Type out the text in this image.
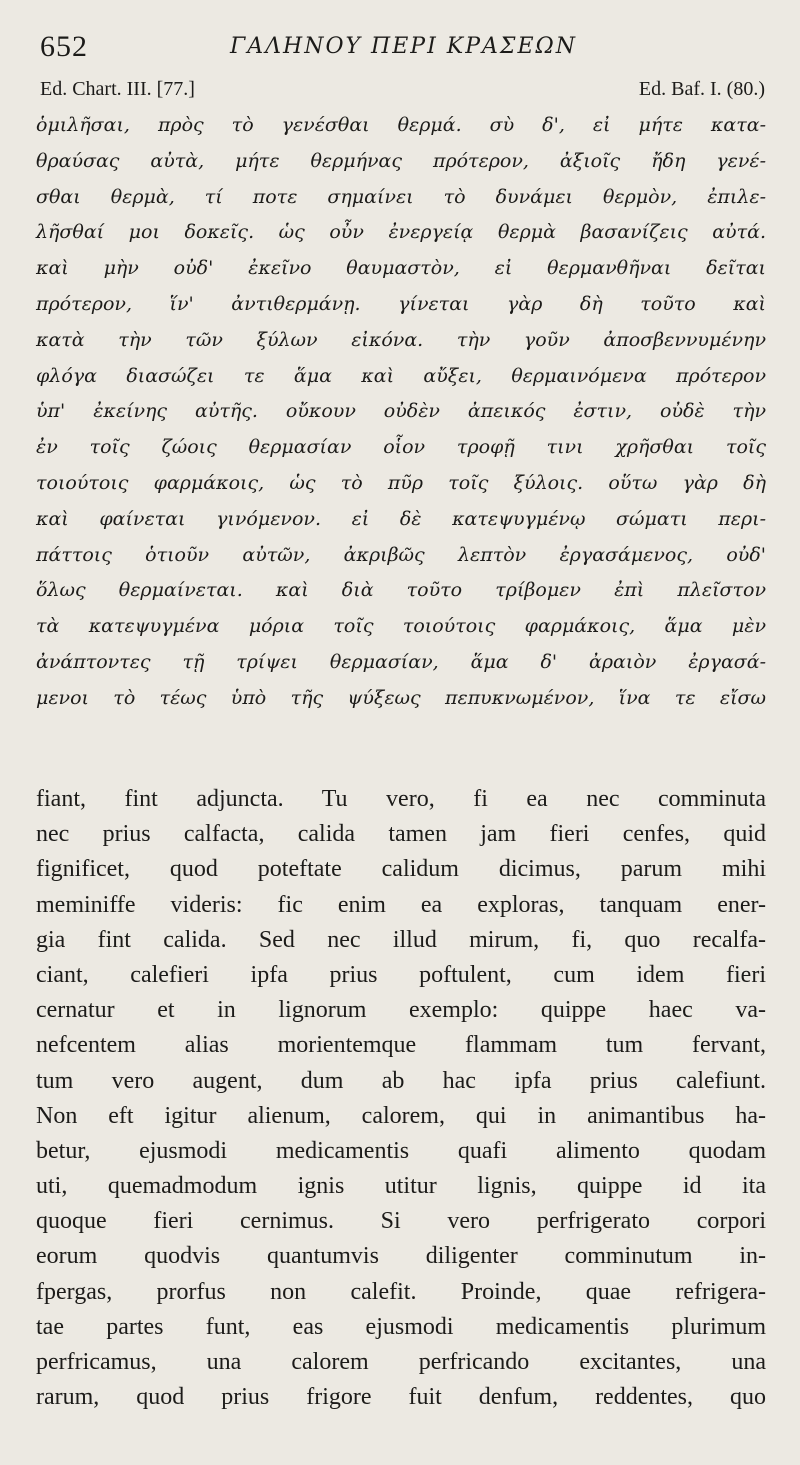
652	ΓΑΛΗΝΟΥ ΠΕΡΙ ΚΡΑΣΕΩΝ
Ed. Chart. III. [77.]	Ed. Baf. I. (80.)
ὁμιλῆσαι, πρὸς τὸ γενέσθαι θερμά. σὺ δ', εἰ μήτε κατα-
θραύσας αὐτὰ, μήτε θερμήνας πρότερον, ἀξιοῖς ἤδη γενέ-
σθαι θερμὰ, τί ποτε σημαίνει τὸ δυνάμει θερμὸν, ἐπιλε-
λῆσθαί μοι δοκεῖς. ὡς οὖν ἐνεργείᾳ θερμὰ βασανίζεις αὐτά.
καὶ μὴν οὐδ' ἐκεῖνο θαυμαστὸν, εἰ θερμανθῆναι δεῖται
πρότερον, ἵν' ἀντιθερμάνῃ. γίνεται γὰρ δὴ τοῦτο καὶ
κατὰ τὴν τῶν ξύλων εἰκόνα. τὴν γοῦν ἀποσβεννυμένην
φλόγα διασώζει τε ἅμα καὶ αὔξει, θερμαινόμενα πρότερον
ὑπ' ἐκείνης αὐτῆς. οὔκουν οὐδὲν ἀπεικός ἐστιν, οὐδὲ τὴν
ἐν τοῖς ζώοις θερμασίαν οἷον τροφῇ τινι χρῆσθαι τοῖς
τοιούτοις φαρμάκοις, ὡς τὸ πῦρ τοῖς ξύλοις. οὕτω γὰρ δὴ
καὶ φαίνεται γινόμενον. εἰ δὲ κατεψυγμένῳ σώματι περι-
πάττοις ὁτιοῦν αὐτῶν, ἀκριβῶς λεπτὸν ἐργασάμενος, οὐδ'
ὅλως θερμαίνεται. καὶ διὰ τοῦτο τρίβομεν ἐπὶ πλεῖστον
τὰ κατεψυγμένα μόρια τοῖς τοιούτοις φαρμάκοις, ἅμα μὲν
ἀνάπτοντες τῇ τρίψει θερμασίαν, ἅμα δ' ἀραιὸν ἐργασά-
μενοι τὸ τέως ὑπὸ τῆς ψύξεως πεπυκνωμένον, ἵνα τε εἴσω
fiant, fint adjuncta. Tu vero, fi ea nec comminuta
nec prius calfacta, calida tamen jam fieri cenfes, quid
fignificet, quod poteftate calidum dicimus, parum mihi
meminiffe videris: fic enim ea exploras, tanquam ener-
gia fint calida. Sed nec illud mirum, fi, quo recalfa-
ciant, calefieri ipfa prius poftulent, cum idem fieri
cernatur et in lignorum exemplo: quippe haec va-
nefcentem alias morientemque flammam tum fervant,
tum vero augent, dum ab hac ipfa prius calefiunt.
Non eft igitur alienum, calorem, qui in animantibus ha-
betur, ejusmodi medicamentis quafi alimento quodam
uti, quemadmodum ignis utitur lignis, quippe id ita
quoque fieri cernimus. Si vero perfrigerato corpori
eorum quodvis quantumvis diligenter comminutum in-
fpergas, prorfus non calefit. Proinde, quae refrigera-
tae partes funt, eas ejusmodi medicamentis plurimum
perfricamus, una calorem perfricando excitantes, una
rarum, quod prius frigore fuit denfum, reddentes, quo
